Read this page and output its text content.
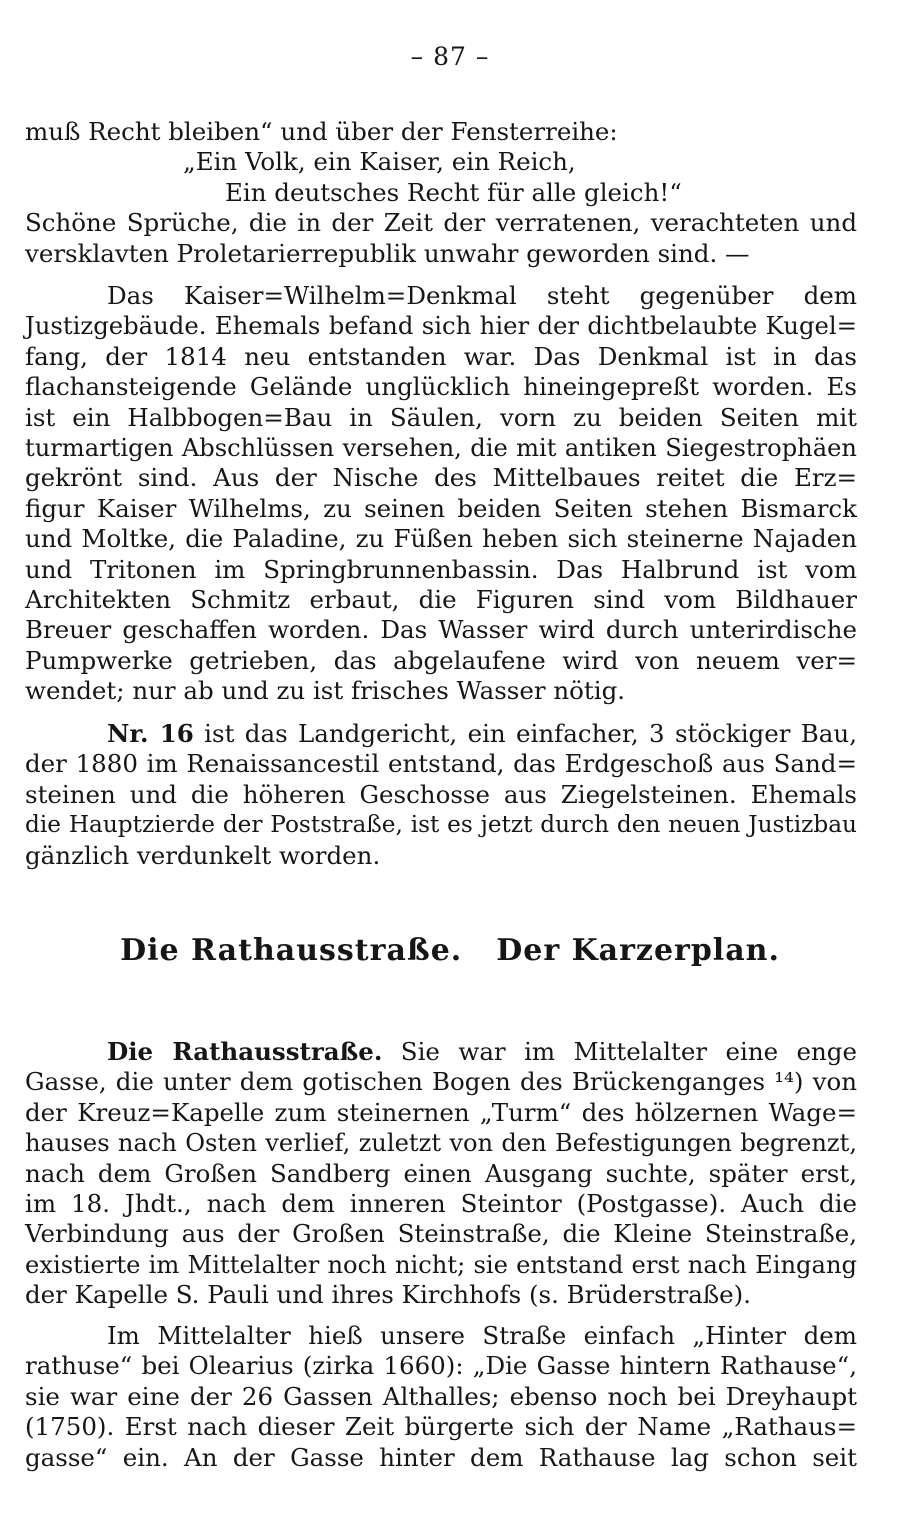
– 87 –
muß Recht bleiben“ und über der Fensterreihe:
„Ein Volk, ein Kaiser, ein Reich,
Ein deutsches Recht für alle gleich!“
Schöne Sprüche, die in der Zeit der verratenen, verachteten und
versklavten Proletarierrepublik unwahr geworden sind. —
Das Kaiser=Wilhelm=Denkmal steht gegenüber dem
Justizgebäude. Ehemals befand sich hier der dichtbelaubte Kugel=
fang, der 1814 neu entstanden war. Das Denkmal ist in das
flachansteigende Gelände unglücklich hineingepreßt worden. Es
ist ein Halbbogen=Bau in Säulen, vorn zu beiden Seiten mit
turmartigen Abschlüssen versehen, die mit antiken Siegestrophäen
gekrönt sind. Aus der Nische des Mittelbaues reitet die Erz=
figur Kaiser Wilhelms, zu seinen beiden Seiten stehen Bismarck
und Moltke, die Paladine, zu Füßen heben sich steinerne Najaden
und Tritonen im Springbrunnenbassin. Das Halbrund ist vom
Architekten Schmitz erbaut, die Figuren sind vom Bildhauer
Breuer geschaffen worden. Das Wasser wird durch unterirdische
Pumpwerke getrieben, das abgelaufene wird von neuem ver=
wendet; nur ab und zu ist frisches Wasser nötig.
Nr. 16 ist das Landgericht, ein einfacher, 3 stöckiger Bau,
der 1880 im Renaissancestil entstand, das Erdgeschoß aus Sand=
steinen und die höheren Geschosse aus Ziegelsteinen. Ehemals
die Hauptzierde der Poststraße, ist es jetzt durch den neuen Justizbau
gänzlich verdunkelt worden.
Die Rathausstraße. Der Karzerplan.
Die Rathausstraße. Sie war im Mittelalter eine enge
Gasse, die unter dem gotischen Bogen des Brückenganges ¹⁴) von
der Kreuz=Kapelle zum steinernen „Turm“ des hölzernen Wage=
hauses nach Osten verlief, zuletzt von den Befestigungen begrenzt,
nach dem Großen Sandberg einen Ausgang suchte, später erst,
im 18. Jhdt., nach dem inneren Steintor (Postgasse). Auch die
Verbindung aus der Großen Steinstraße, die Kleine Steinstraße,
existierte im Mittelalter noch nicht; sie entstand erst nach Eingang
der Kapelle S. Pauli und ihres Kirchhofs (s. Brüderstraße).
Im Mittelalter hieß unsere Straße einfach „Hinter dem
rathuse“ bei Olearius (zirka 1660): „Die Gasse hintern Rathause“,
sie war eine der 26 Gassen Althalles; ebenso noch bei Dreyhaupt
(1750). Erst nach dieser Zeit bürgerte sich der Name „Rathaus=
gasse“ ein. An der Gasse hinter dem Rathause lag schon seit
